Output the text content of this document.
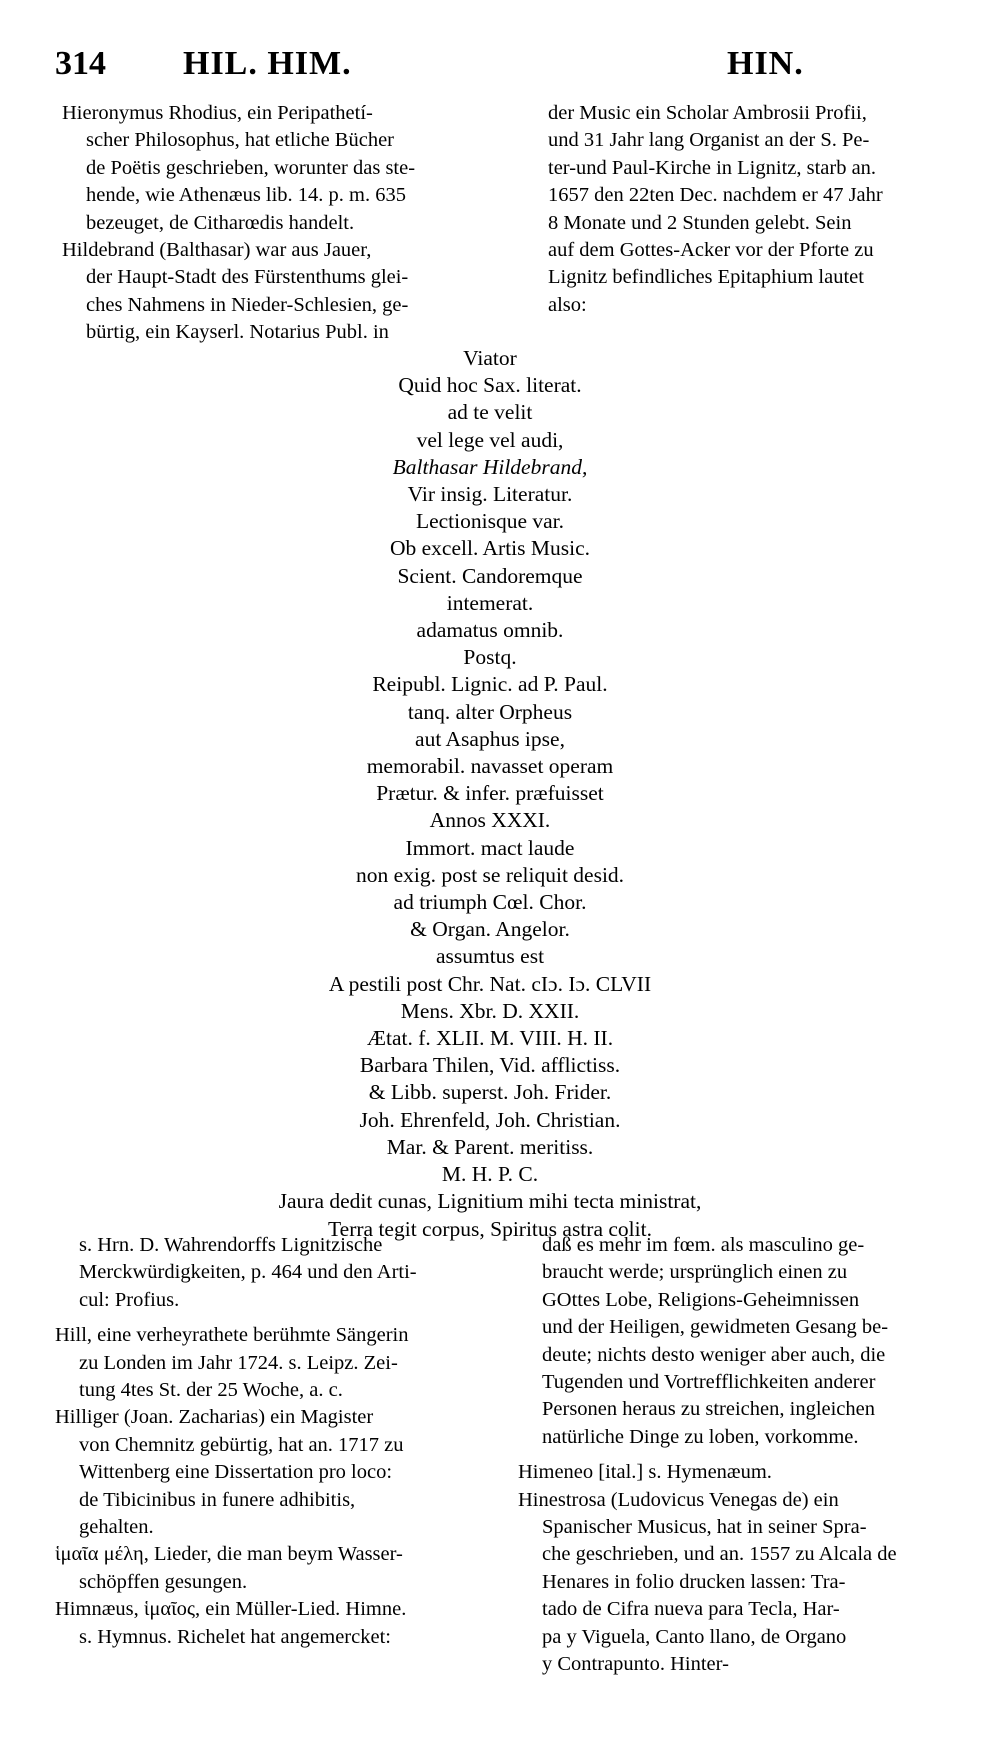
314 HIL. HIM.	HIN.
Hieronymus Rhodius, ein Peripathetí-
scher Philosophus, hat etliche Bücher
de Poëtis geschrieben, worunter das ste-
hende, wie Athenæus lib. 14. p. m. 635
bezeuget, de Citharœdis handelt.
Hildebrand (Balthasar) war aus Jauer,
der Haupt-Stadt des Fürstenthums glei-
ches Nahmens in Nieder-Schlesien, ge-
bürtig, ein Kayserl. Notarius Publ. in
der Music ein Scholar Ambrosii Profii,
und 31 Jahr lang Organist an der S. Pe-
ter-und Paul-Kirche in Lignitz, starb an.
1657 den 22ten Dec. nachdem er 47 Jahr
8 Monate und 2 Stunden gelebt. Sein
auf dem Gottes-Acker vor der Pforte zu
Lignitz befindliches Epitaphium lautet
also:
Viator
Quid hoc Sax. literat.
ad te velit
vel lege vel audi,
Balthasar Hildebrand,
Vir insig. Literatur.
Lectionisque var.
Ob excell. Artis Music.
Scient. Candoremque
intemerat.
adamatus omnib.
Postq.
Reipubl. Lignic. ad P. Paul.
tanq. alter Orpheus
aut Asaphus ipse,
memorabil. navasset operam
Prætur. & infer. præfuisset
Annos XXXI.
Immort. mact laude
non exig. post se reliquit desid.
ad triumph Cœl. Chor.
& Organ. Angelor.
assumtus est
A pestili post Chr. Nat. cIɔ. Iɔ. CLVII
Mens. Xbr. D. XXII.
Ætat. f. XLII. M. VIII. H. II.
Barbara Thilen, Vid. afflictiss.
& Libb. superst. Joh. Frider.
Joh. Ehrenfeld, Joh. Christian.
Mar. & Parent. meritiss.
M. H. P. C.
Jaura dedit cunas, Lignitium mihi tecta ministrat,
Terra tegit corpus, Spiritus astra colit.
s. Hrn. D. Wahrendorffs Lignitzische
Merckwürdigkeiten, p. 464 und den Arti-
cul: Profius.
Hill, eine verheyrathete berühmte Sängerin
zu Londen im Jahr 1724. s. Leipz. Zei-
tung 4tes St. der 25 Woche, a. c.
Hilliger (Joan. Zacharias) ein Magister
von Chemnitz gebürtig, hat an. 1717 zu
Wittenberg eine Dissertation pro loco:
de Tibicinibus in funere adhibitis,
gehalten.
ἱμαῖα μέλη, Lieder, die man beym Wasser-
schöpffen gesungen.
Himnæus, ἱμαῖος, ein Müller-Lied. Himne.
s. Hymnus. Richelet hat angemercket:
daß es mehr im fœm. als masculino ge-
braucht werde; ursprünglich einen zu
GOttes Lobe, Religions-Geheimnissen
und der Heiligen, gewidmeten Gesang be-
deute; nichts desto weniger aber auch, die
Tugenden und Vortrefflichkeiten anderer
Personen heraus zu streichen, ingleichen
natürliche Dinge zu loben, vorkomme.
Himeneo [ital.] s. Hymenæum.
Hinestrosa (Ludovicus Venegas de) ein
Spanischer Musicus, hat in seiner Spra-
che geschrieben, und an. 1557 zu Alcala de
Henares in folio drucken lassen: Tra-
tado de Cifra nueva para Tecla, Har-
pa y Viguela, Canto llano, de Organo
y Contrapunto. Hinter-
